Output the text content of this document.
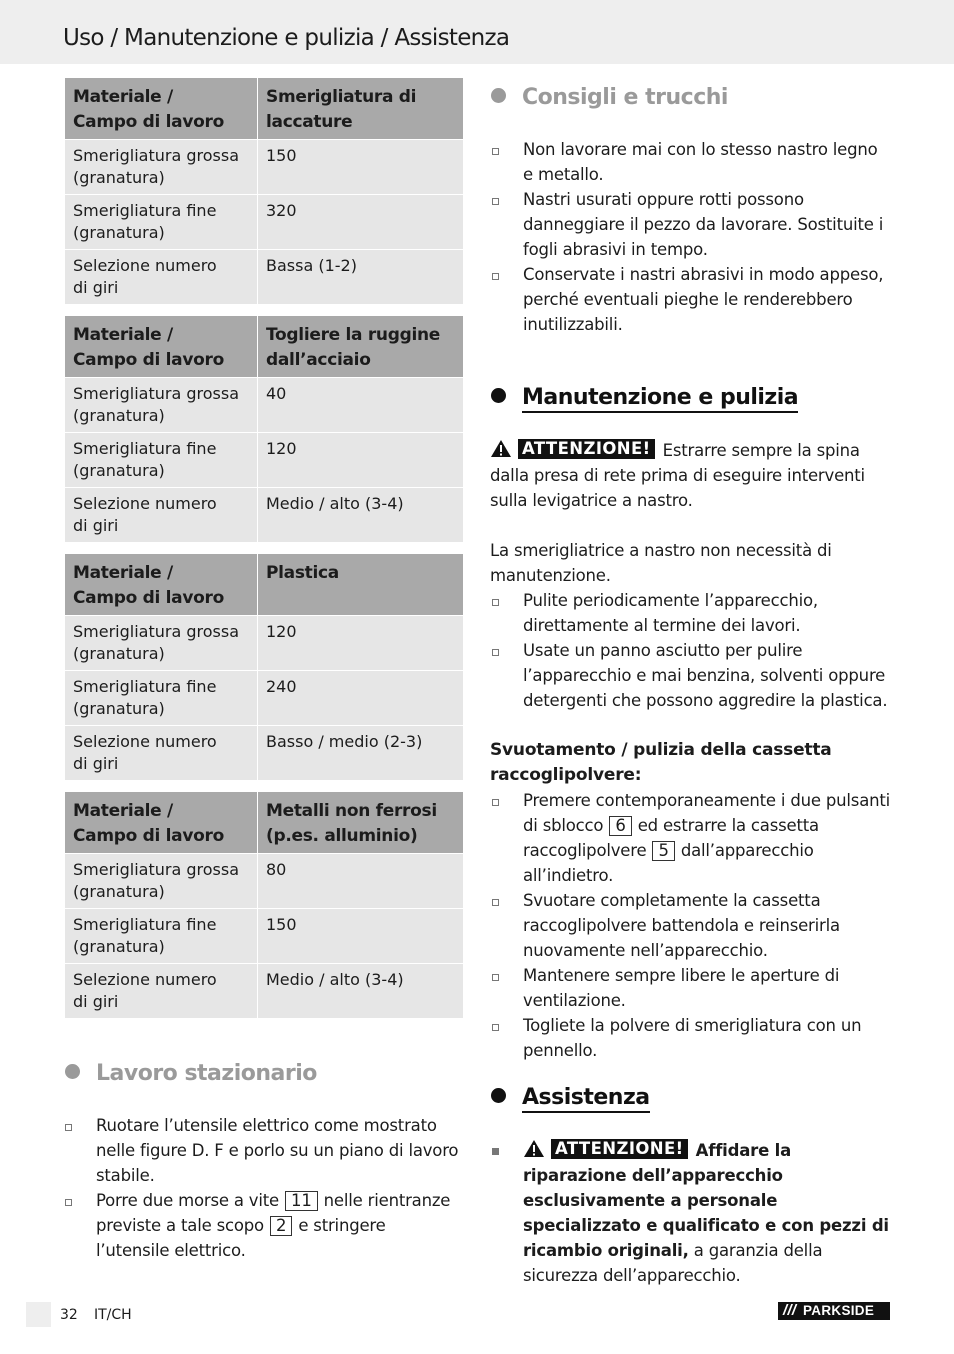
Uso / Manutenzione e pulizia / Assistenza
Materiale /
Campo di lavoro
Smerigliatura di
laccature
Smerigliatura grossa
(granatura)
150
Smerigliatura fine
(granatura)
320
Selezione numero
di giri
Bassa (1-2)
Materiale /
Campo di lavoro
Togliere la ruggine
dall’acciaio
Smerigliatura grossa
(granatura)
40
Smerigliatura fine
(granatura)
120
Selezione numero
di giri
Medio / alto (3-4)
Materiale /
Campo di lavoro
Plastica
Smerigliatura grossa
(granatura)
120
Smerigliatura fine
(granatura)
240
Selezione numero
di giri
Basso / medio (2-3)
Materiale /
Campo di lavoro
Metalli non ferrosi
(p.es. alluminio)
Smerigliatura grossa
(granatura)
80
Smerigliatura fine
(granatura)
150
Selezione numero
di giri
Medio / alto (3-4)
Lavoro stazionario
Ruotare l’utensile elettrico come mostrato nelle figure D. F e porlo su un piano di lavoro stabile.
Porre due morse a vite 11 nelle rientranze previste a tale scopo 2 e stringere l’utensile elettrico.
Consigli e trucchi
Non lavorare mai con lo stesso nastro legno e metallo.
Nastri usurati oppure rotti possono danneggiare il pezzo da lavorare. Sostituite i fogli abrasivi in tempo.
Conservate i nastri abrasivi in modo appeso, perché eventuali pieghe le renderebbero inutilizzabili.
Manutenzione e pulizia
ATTENZIONE! Estrarre sempre la spina dalla presa di rete prima di eseguire interventi sulla levigatrice a nastro.
La smerigliatrice a nastro non necessità di manutenzione.
Pulite periodicamente l’apparecchio, direttamente al termine dei lavori.
Usate un panno asciutto per pulire l’apparecchio e mai benzina, solventi oppure detergenti che possono aggredire la plastica.
Svuotamento / pulizia della cassetta raccoglipolvere:
Premere contemporaneamente i due pulsanti di sblocco 6 ed estrarre la cassetta raccoglipolvere 5 dall’apparecchio all’indietro.
Svuotare completamente la cassetta raccoglipolvere battendola e reinserirla nuovamente nell’apparecchio.
Mantenere sempre libere le aperture di ventilazione.
Togliete la polvere di smerigliatura con un pennello.
Assistenza
ATTENZIONE! Affidare la riparazione dell’apparecchio esclusivamente a personale specializzato e qualificato e con pezzi di ricambio originali, a garanzia della sicurezza dell’apparecchio.
32 IT/CH	/// PARKSIDE
